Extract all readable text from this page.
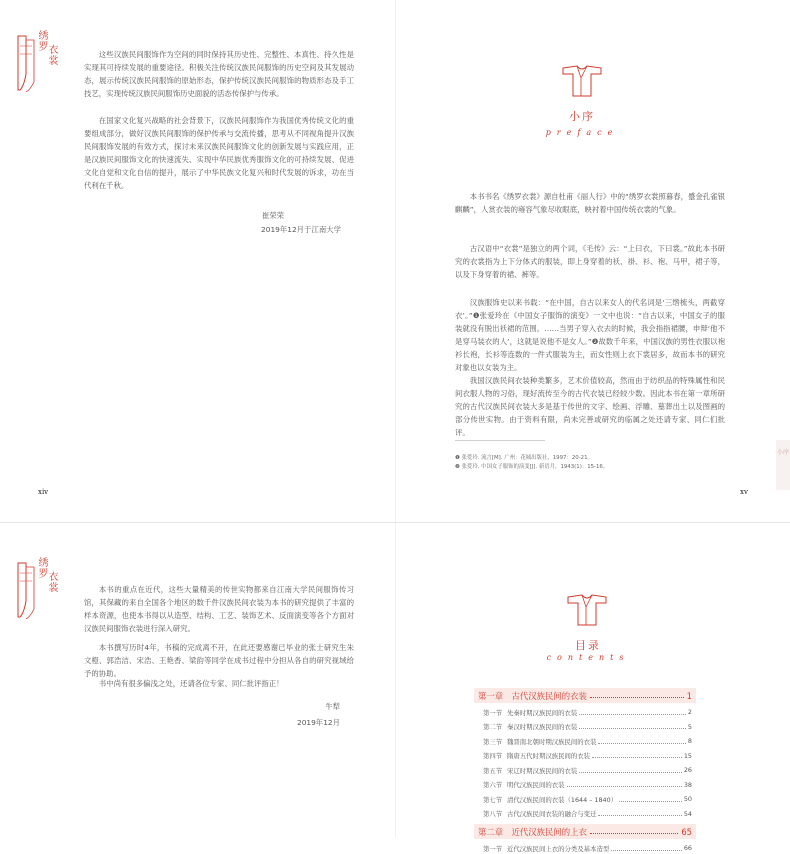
绣罗
衣裳	这些汉族民间服饰作为空间的同时保持其历史性、完整性、本真性、持久性是实现其可持续发展的重要途径。积极关注传统汉族民间服饰的历史空间及其发展动态，展示传统汉族民间服饰的原始形态，保护传统汉族民间服饰的物质形态及手工技艺，实现传统汉族民间服饰历史面貌的活态传保护与传承。

在国家文化复兴战略的社会背景下，汉族民间服饰作为我国优秀传统文化的重要组成部分，做好汉族民间服饰的保护传承与交流传播，思考从不同视角提升汉族民间服饰发展的有效方式，探讨未来汉族民间服饰文化的创新发展与实践应用，正是汉族民间服饰文化的快速流失、实现中华民族优秀服饰文化的可持续发展、促进文化自觉和文化自信的提升，展示了中华民族文化复兴和时代发展的诉求，功在当代利在千秋。

崔荣荣
2019年12月于江南大学
xiv
小序
preface

本书书名《绣罗衣裳》源自杜甫《丽人行》中的“绣罗衣裳照暮春，蹙金孔雀银麒麟”，人赏衣装的雍容气象尽收眼底，映衬着中国传统衣裳的气象。

古汉语中“衣裳”是独立的两个词，《毛传》云：“上曰衣，下曰裳。”故此本书研究的衣裳指为上下分体式的服装，即上身穿着的袄、褂、衫、袍、马甲，裙子等，以及下身穿着的裙、裤等。

汉族服饰史以来书载：“在中国，自古以来女人的代名词是‘三绺梳头，两截穿衣’。”❶张爱玲在《中国女子服饰的演变》一文中也说：“自古以来，中国女子的服装就没有脱出袄裙的范围。……当男子穿入衣去的时候，我会指指裙腰，申辩‘他不是穿马装衣的人’，这就是说他不是女人。”❷故数千年来，中国汉族的男性衣服以袍衫长袍，长衫等连数的一件式服装为主，而女性则上衣下裳居多，故而本书的研究对象也以女装为主。

我国汉族民间衣装种类繁多，艺术价值较高，然而由于纺织品的特殊属性和民间衣服人物的习俗，现好流传至今的古代衣装已经较少数。因此本书在第一章所研究的古代汉族民间衣装大多是基于传世的文字、绘画、浮雕、墓葬出土以及图画的部分传世实物。由于资料有限，尚未完善或研究的临属之处还请专家、同仁们批评。

❶ 张爱玲. 流言[M]. 广州：花城出版社，1997：20-21。
❷ 张爱玲. 中国女子服饰的演变[J]. 新语月，1943(1)：15-16。
小序
xv
绣罗
衣裳	本书的重点在近代，这些大量精美的传世实物都来自江南大学民间服饰传习馆，其保藏的来自全国各个地区的数千件汉族民间衣装为本书的研究提供了丰富的样本资源，也使本书得以从造型、结构、工艺、装饰艺术、反面演变等各个方面对汉族民间服饰衣装进行深入研究。

本书撰写历时4年，书稿的完成离不开，在此还要感谢已毕业的张士研究生朱文橙、郭浩洁、宋浩、王艳香、梁韵等同学在成书过程中分担从各自的研究视域给予的协助。

书中尚有很多偏浅之处，还请各位专家、同仁批评指正！

牛犁
2019年12月
目录
contents
第一章　古代汉族民间的衣装	1
第一节 先秦时期汉族民间的衣装	2
第二节 秦汉时期汉族民间的衣装	5
第三节 魏晋南北朝时期汉族民间的衣装	8
第四节 隋唐五代时期汉族民间的衣装	15
第五节 宋辽时期汉族民间的衣装	26
第六节 明代汉族民间的衣装	38
第七节 清代汉族民间的衣装（1644 – 1840）	50
第八节 古代汉族民间衣装的融合与变迁	54
第二章　近代汉族民间的上衣	65
第一节 近代汉族民间上衣的分类及基本造型	66
